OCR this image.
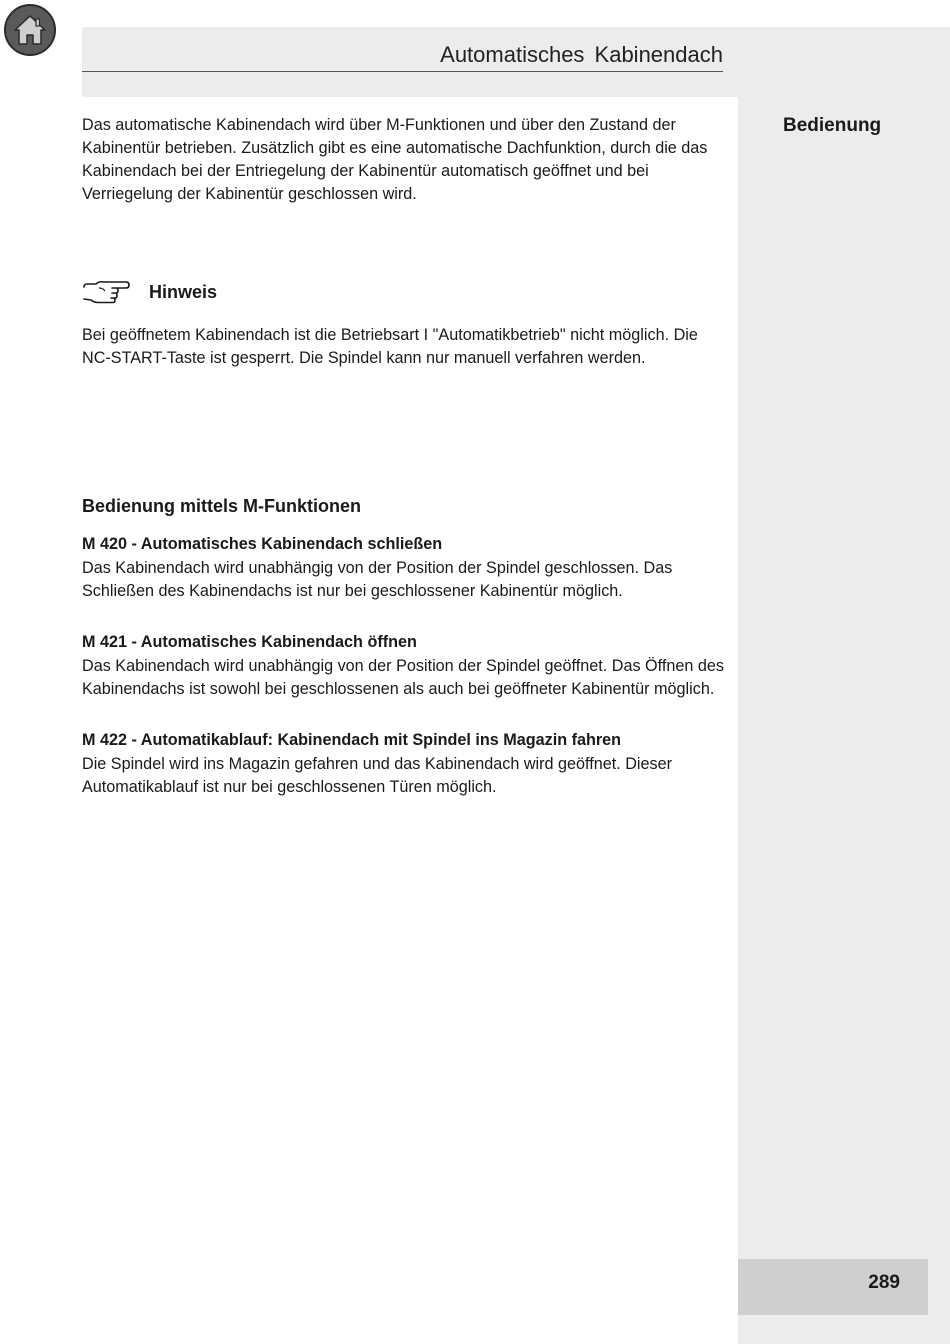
Automatisches Kabinendach
Bedienung

Das automatische Kabinendach wird über M-Funktionen und über den Zustand der Kabinentür betrieben. Zusätzlich gibt es eine automatische Dachfunktion, durch die das Kabinendach bei der Entriegelung der Kabinentür automatisch geöffnet und bei Verriegelung der Kabinentür geschlossen wird.

Hinweis

Bei geöffnetem Kabinendach ist die Betriebsart I "Automatikbetrieb" nicht möglich. Die NC-START-Taste ist gesperrt. Die Spindel kann nur manuell verfahren werden.

Bedienung mittels M-Funktionen
M 420 - Automatisches Kabinendach schließen

Das Kabinendach wird unabhängig von der Position der Spindel geschlossen. Das Schließen des Kabinendachs ist nur bei geschlossener Kabinentür möglich.

M 421 - Automatisches Kabinendach öffnen

Das Kabinendach wird unabhängig von der Position der Spindel geöffnet. Das Öffnen des Kabinendachs ist sowohl bei geschlossenen als auch bei geöffneter Kabinentür möglich.

M 422 - Automatikablauf: Kabinendach mit Spindel ins Magazin fahren

Die Spindel wird ins Magazin gefahren und das Kabinendach wird geöffnet. Dieser Automatikablauf ist nur bei geschlossenen Türen möglich.

289
